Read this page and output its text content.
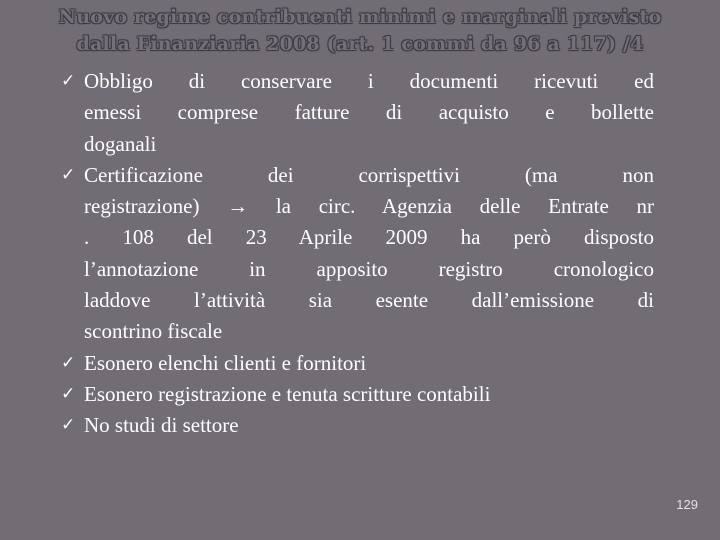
Nuovo regime contribuenti minimi e marginali previsto
dalla Finanziaria 2008 (art. 1 commi da 96 a 117) /4
✓ Obbligo di conservare i documenti ricevuti ed
emessi comprese fatture di acquisto e bollette
doganali
✓ Certificazione dei corrispettivi (ma non
registrazione) → la circ. Agenzia delle Entrate nr
. 108 del 23 Aprile 2009 ha però disposto
l’annotazione in apposito registro cronologico
laddove l’attività sia esente dall’emissione di
scontrino fiscale
✓ Esonero elenchi clienti e fornitori
✓ Esonero registrazione e tenuta scritture contabili
✓ No studi di settore
129
